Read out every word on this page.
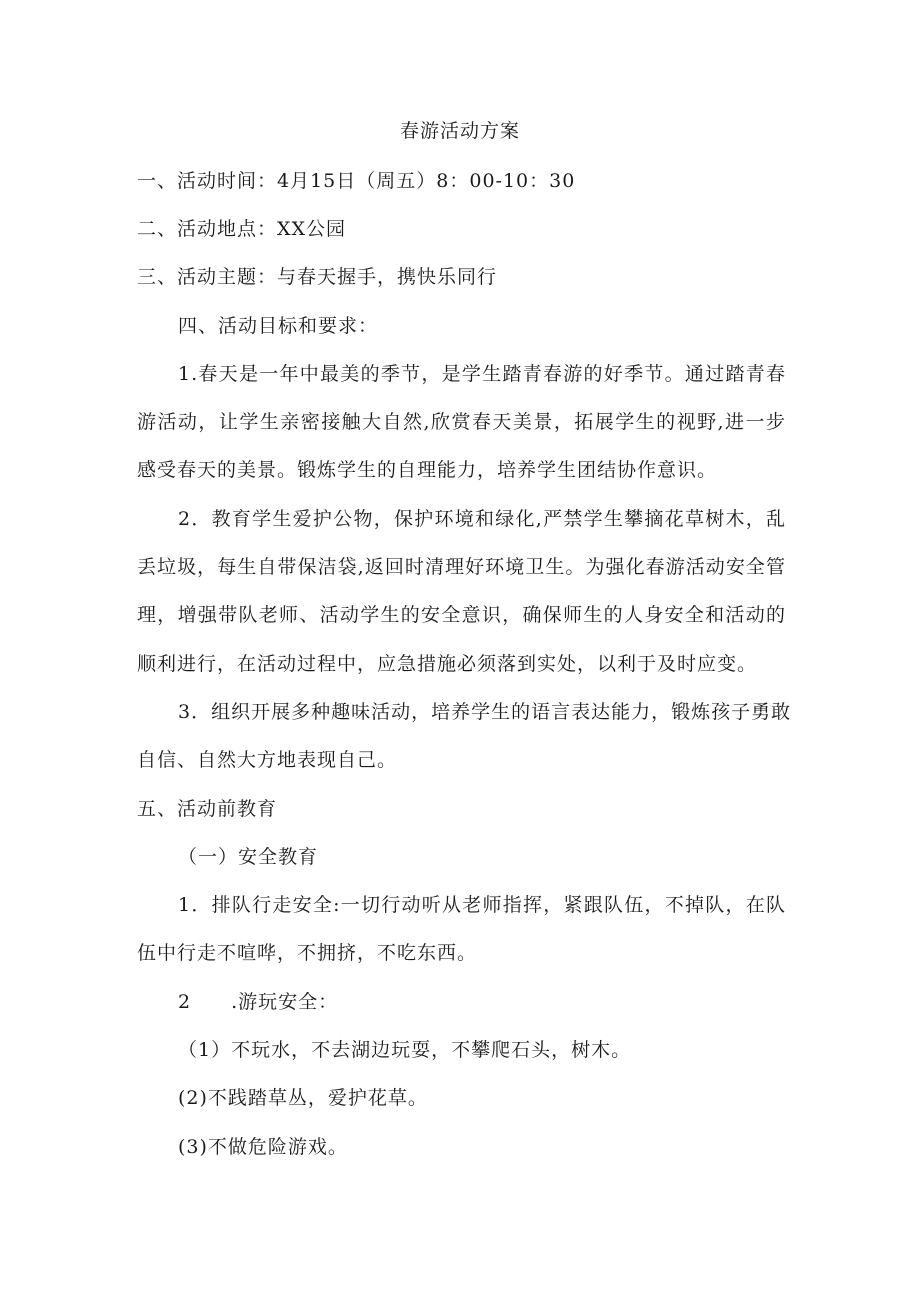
春游活动方案
一、活动时间：4月15日（周五）8：00-10：30
二、活动地点：XX公园
三、活动主题：与春天握手，携快乐同行
四、活动目标和要求：
1.春天是一年中最美的季节，是学生踏青春游的好季节。通过踏青春
游活动，让学生亲密接触大自然,欣赏春天美景，拓展学生的视野,进一步
感受春天的美景。锻炼学生的自理能力，培养学生团结协作意识。
2．教育学生爱护公物，保护环境和绿化,严禁学生攀摘花草树木，乱
丢垃圾，每生自带保洁袋,返回时清理好环境卫生。为强化春游活动安全管
理，增强带队老师、活动学生的安全意识，确保师生的人身安全和活动的
顺利进行，在活动过程中，应急措施必须落到实处，以利于及时应变。
3．组织开展多种趣味活动，培养学生的语言表达能力，锻炼孩子勇敢
自信、自然大方地表现自己。
五、活动前教育
（一）安全教育
1．排队行走安全:一切行动听从老师指挥，紧跟队伍，不掉队，在队
伍中行走不喧哗，不拥挤，不吃东西。
2　　.游玩安全：
（1）不玩水，不去湖边玩耍，不攀爬石头，树木。
(2)不践踏草丛，爱护花草。
(3)不做危险游戏。
